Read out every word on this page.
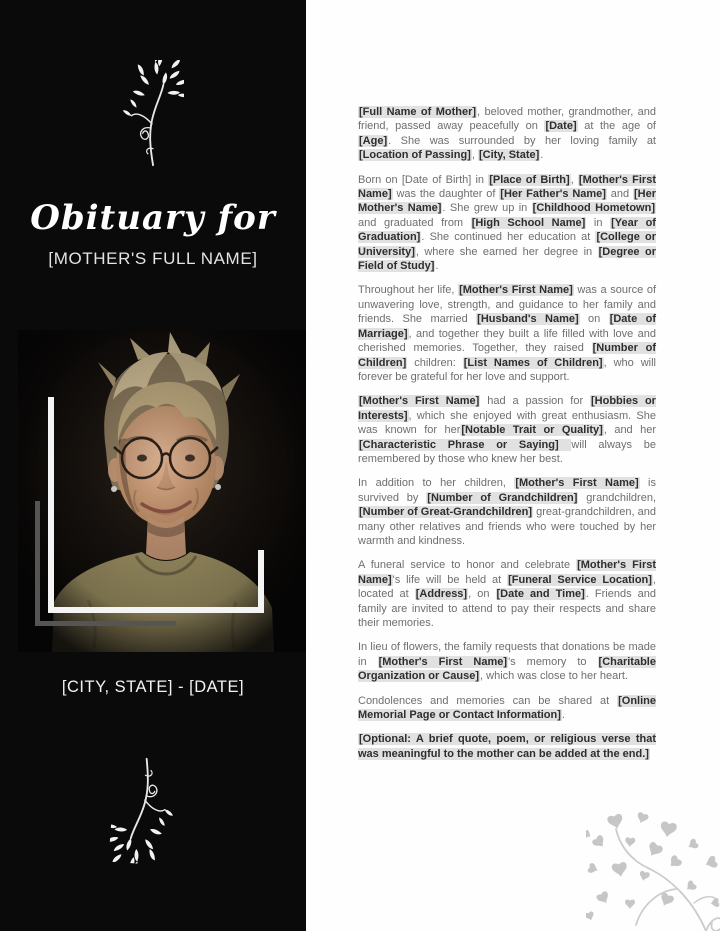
Obituary for
[MOTHER'S FULL NAME]
[CITY, STATE] - [DATE]

[Full Name of Mother], beloved mother, grandmother, and friend, passed away peacefully on [Date] at the age of [Age]. She was surrounded by her loving family at [Location of Passing], [City, State].

Born on [Date of Birth] in [Place of Birth], [Mother's First Name] was the daughter of [Her Father's Name] and [Her Mother's Name]. She grew up in [Childhood Hometown] and graduated from [High School Name] in [Year of Graduation]. She continued her education at [College or University], where she earned her degree in [Degree or Field of Study].

Throughout her life, [Mother's First Name] was a source of unwavering love, strength, and guidance to her family and friends. She married [Husband's Name] on [Date of Marriage], and together they built a life filled with love and cherished memories. Together, they raised [Number of Children] children: [List Names of Children], who will forever be grateful for her love and support.

[Mother's First Name] had a passion for [Hobbies or Interests], which she enjoyed with great enthusiasm. She was known for her[Notable Trait or Quality], and her [Characteristic Phrase or Saying] will always be remembered by those who knew her best.

In addition to her children, [Mother's First Name] is survived by [Number of Grandchildren] grandchildren, [Number of Great-Grandchildren] great-grandchildren, and many other relatives and friends who were touched by her warmth and kindness.

A funeral service to honor and celebrate [Mother's First Name]'s life will be held at [Funeral Service Location], located at [Address], on [Date and Time]. Friends and family are invited to attend to pay their respects and share their memories.

In lieu of flowers, the family requests that donations be made in [Mother's First Name]'s memory to [Charitable Organization or Cause], which was close to her heart.

Condolences and memories can be shared at [Online Memorial Page or Contact Information].

[Optional: A brief quote, poem, or religious verse that was meaningful to the mother can be added at the end.]
